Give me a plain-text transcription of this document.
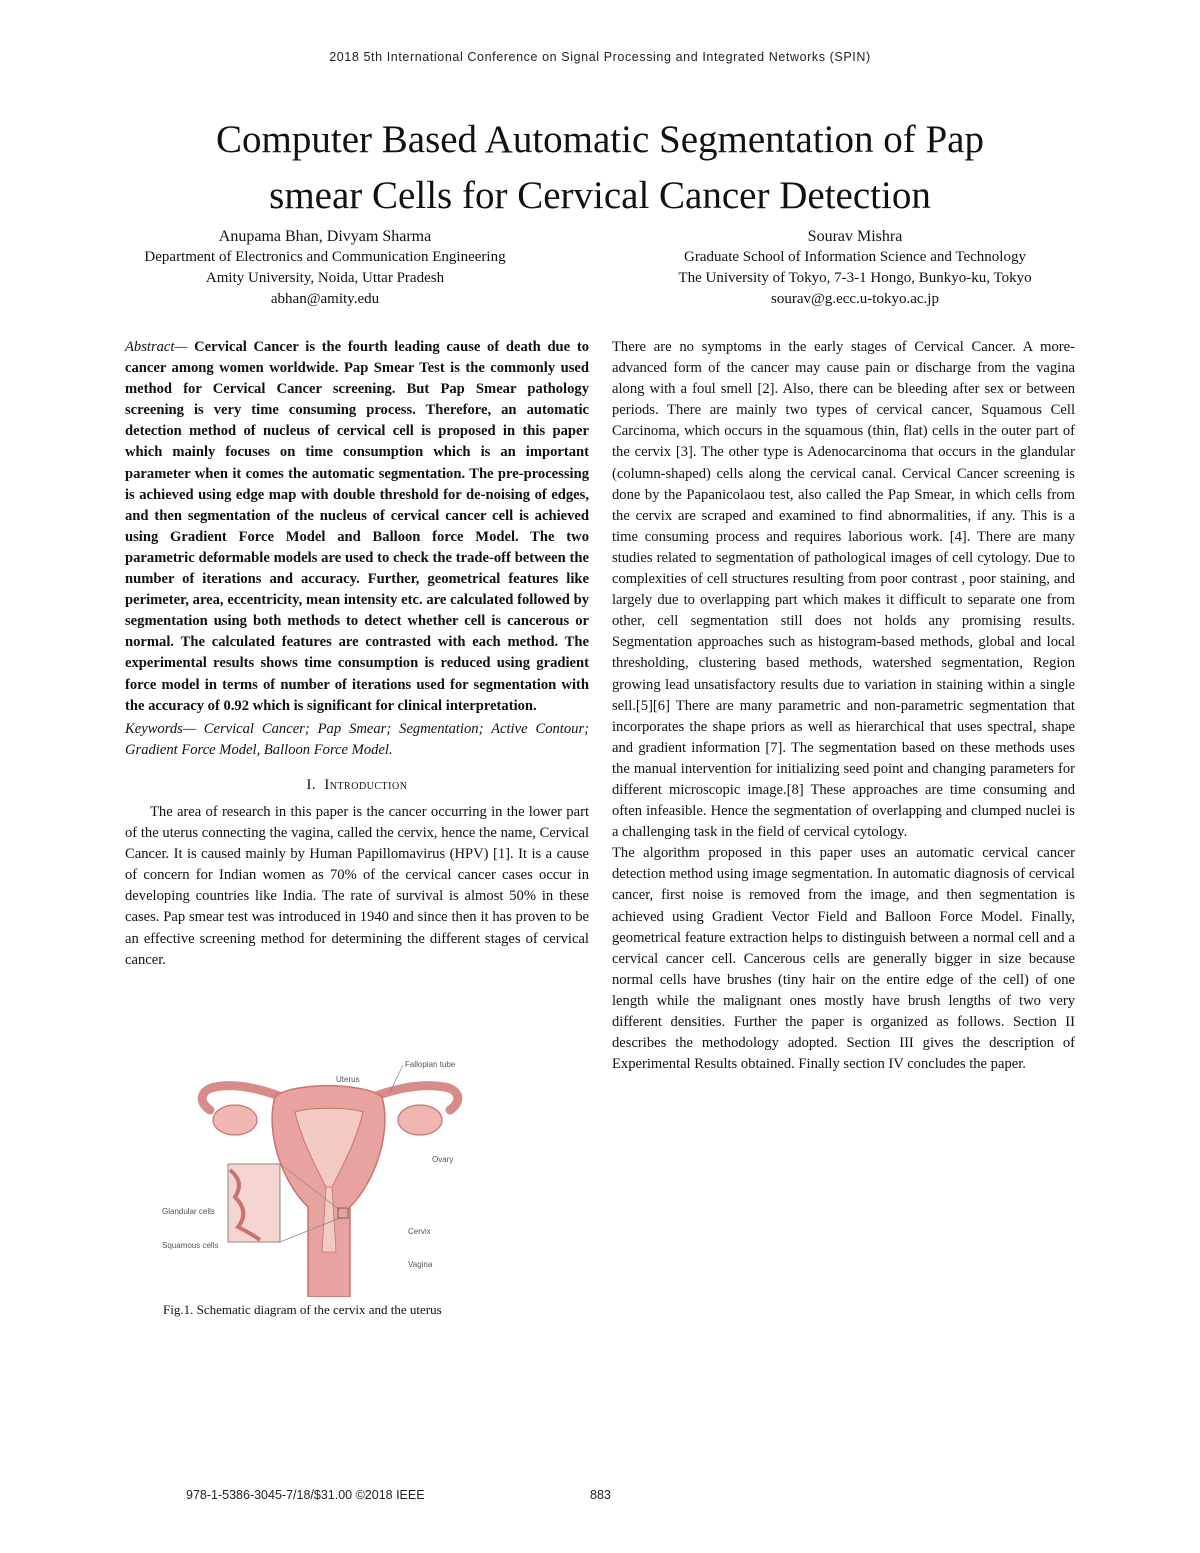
2018 5th International Conference on Signal Processing and Integrated Networks (SPIN)
Computer Based Automatic Segmentation of Pap
smear Cells for Cervical Cancer Detection
Anupama Bhan, Divyam Sharma
Department of Electronics and Communication Engineering
Amity University, Noida, Uttar Pradesh
abhan@amity.edu
Sourav Mishra
Graduate School of Information Science and Technology
The University of Tokyo, 7-3-1 Hongo, Bunkyo-ku, Tokyo
sourav@g.ecc.u-tokyo.ac.jp

Abstract— Cervical Cancer is the fourth leading cause of death due to cancer among women worldwide. Pap Smear Test is the commonly used method for Cervical Cancer screening. But Pap Smear pathology screening is very time consuming process. Therefore, an automatic detection method of nucleus of cervical cell is proposed in this paper which mainly focuses on time consumption which is an important parameter when it comes the automatic segmentation. The pre-processing is achieved using edge map with double threshold for de-noising of edges, and then segmentation of the nucleus of cervical cancer cell is achieved using Gradient Force Model and Balloon force Model. The two parametric deformable models are used to check the trade-off between the number of iterations and accuracy. Further, geometrical features like perimeter, area, eccentricity, mean intensity etc. are calculated followed by segmentation using both methods to detect whether cell is cancerous or normal. The calculated features are contrasted with each method. The experimental results shows time consumption is reduced using gradient force model in terms of number of iterations used for segmentation with the accuracy of 0.92 which is significant for clinical interpretation.

Keywords— Cervical Cancer; Pap Smear; Segmentation; Active Contour; Gradient Force Model, Balloon Force Model.

I. Introduction

The area of research in this paper is the cancer occurring in the lower part of the uterus connecting the vagina, called the cervix, hence the name, Cervical Cancer. It is caused mainly by Human Papillomavirus (HPV) [1]. It is a cause of concern for Indian women as 70% of the cervical cancer cases occur in developing countries like India. The rate of survival is almost 50% in these cases. Pap smear test was introduced in 1940 and since then it has proven to be an effective screening method for determining the different stages of cervical cancer.

Uterus
Fallopian tube
Ovary
Cervix
Vagina
Glandular cells
Squamous cells
Fig.1. Schematic diagram of the cervix and the uterus

There are no symptoms in the early stages of Cervical Cancer. A more-advanced form of the cancer may cause pain or discharge from the vagina along with a foul smell [2]. Also, there can be bleeding after sex or between periods. There are mainly two types of cervical cancer, Squamous Cell Carcinoma, which occurs in the squamous (thin, flat) cells in the outer part of the cervix [3]. The other type is Adenocarcinoma that occurs in the glandular (column-shaped) cells along the cervical canal. Cervical Cancer screening is done by the Papanicolaou test, also called the Pap Smear, in which cells from the cervix are scraped and examined to find abnormalities, if any. This is a time consuming process and requires laborious work. [4]. There are many studies related to segmentation of pathological images of cell cytology. Due to complexities of cell structures resulting from poor contrast , poor staining, and largely due to overlapping part which makes it difficult to separate one from other, cell segmentation still does not holds any promising results. Segmentation approaches such as histogram-based methods, global and local thresholding, clustering based methods, watershed segmentation, Region growing lead unsatisfactory results due to variation in staining within a single sell.[5][6] There are many parametric and non-parametric segmentation that incorporates the shape priors as well as hierarchical that uses spectral, shape and gradient information [7]. The segmentation based on these methods uses the manual intervention for initializing seed point and changing parameters for different microscopic image.[8] These approaches are time consuming and often infeasible. Hence the segmentation of overlapping and clumped nuclei is a challenging task in the field of cervical cytology.

The algorithm proposed in this paper uses an automatic cervical cancer detection method using image segmentation. In automatic diagnosis of cervical cancer, first noise is removed from the image, and then segmentation is achieved using Gradient Vector Field and Balloon Force Model. Finally, geometrical feature extraction helps to distinguish between a normal cell and a cervical cancer cell. Cancerous cells are generally bigger in size because normal cells have brushes (tiny hair on the entire edge of the cell) of one length while the malignant ones mostly have brush lengths of two very different densities. Further the paper is organized as follows. Section II describes the methodology adopted. Section III gives the description of Experimental Results obtained. Finally section IV concludes the paper.

978-1-5386-3045-7/18/$31.00 ©2018 IEEE	883
